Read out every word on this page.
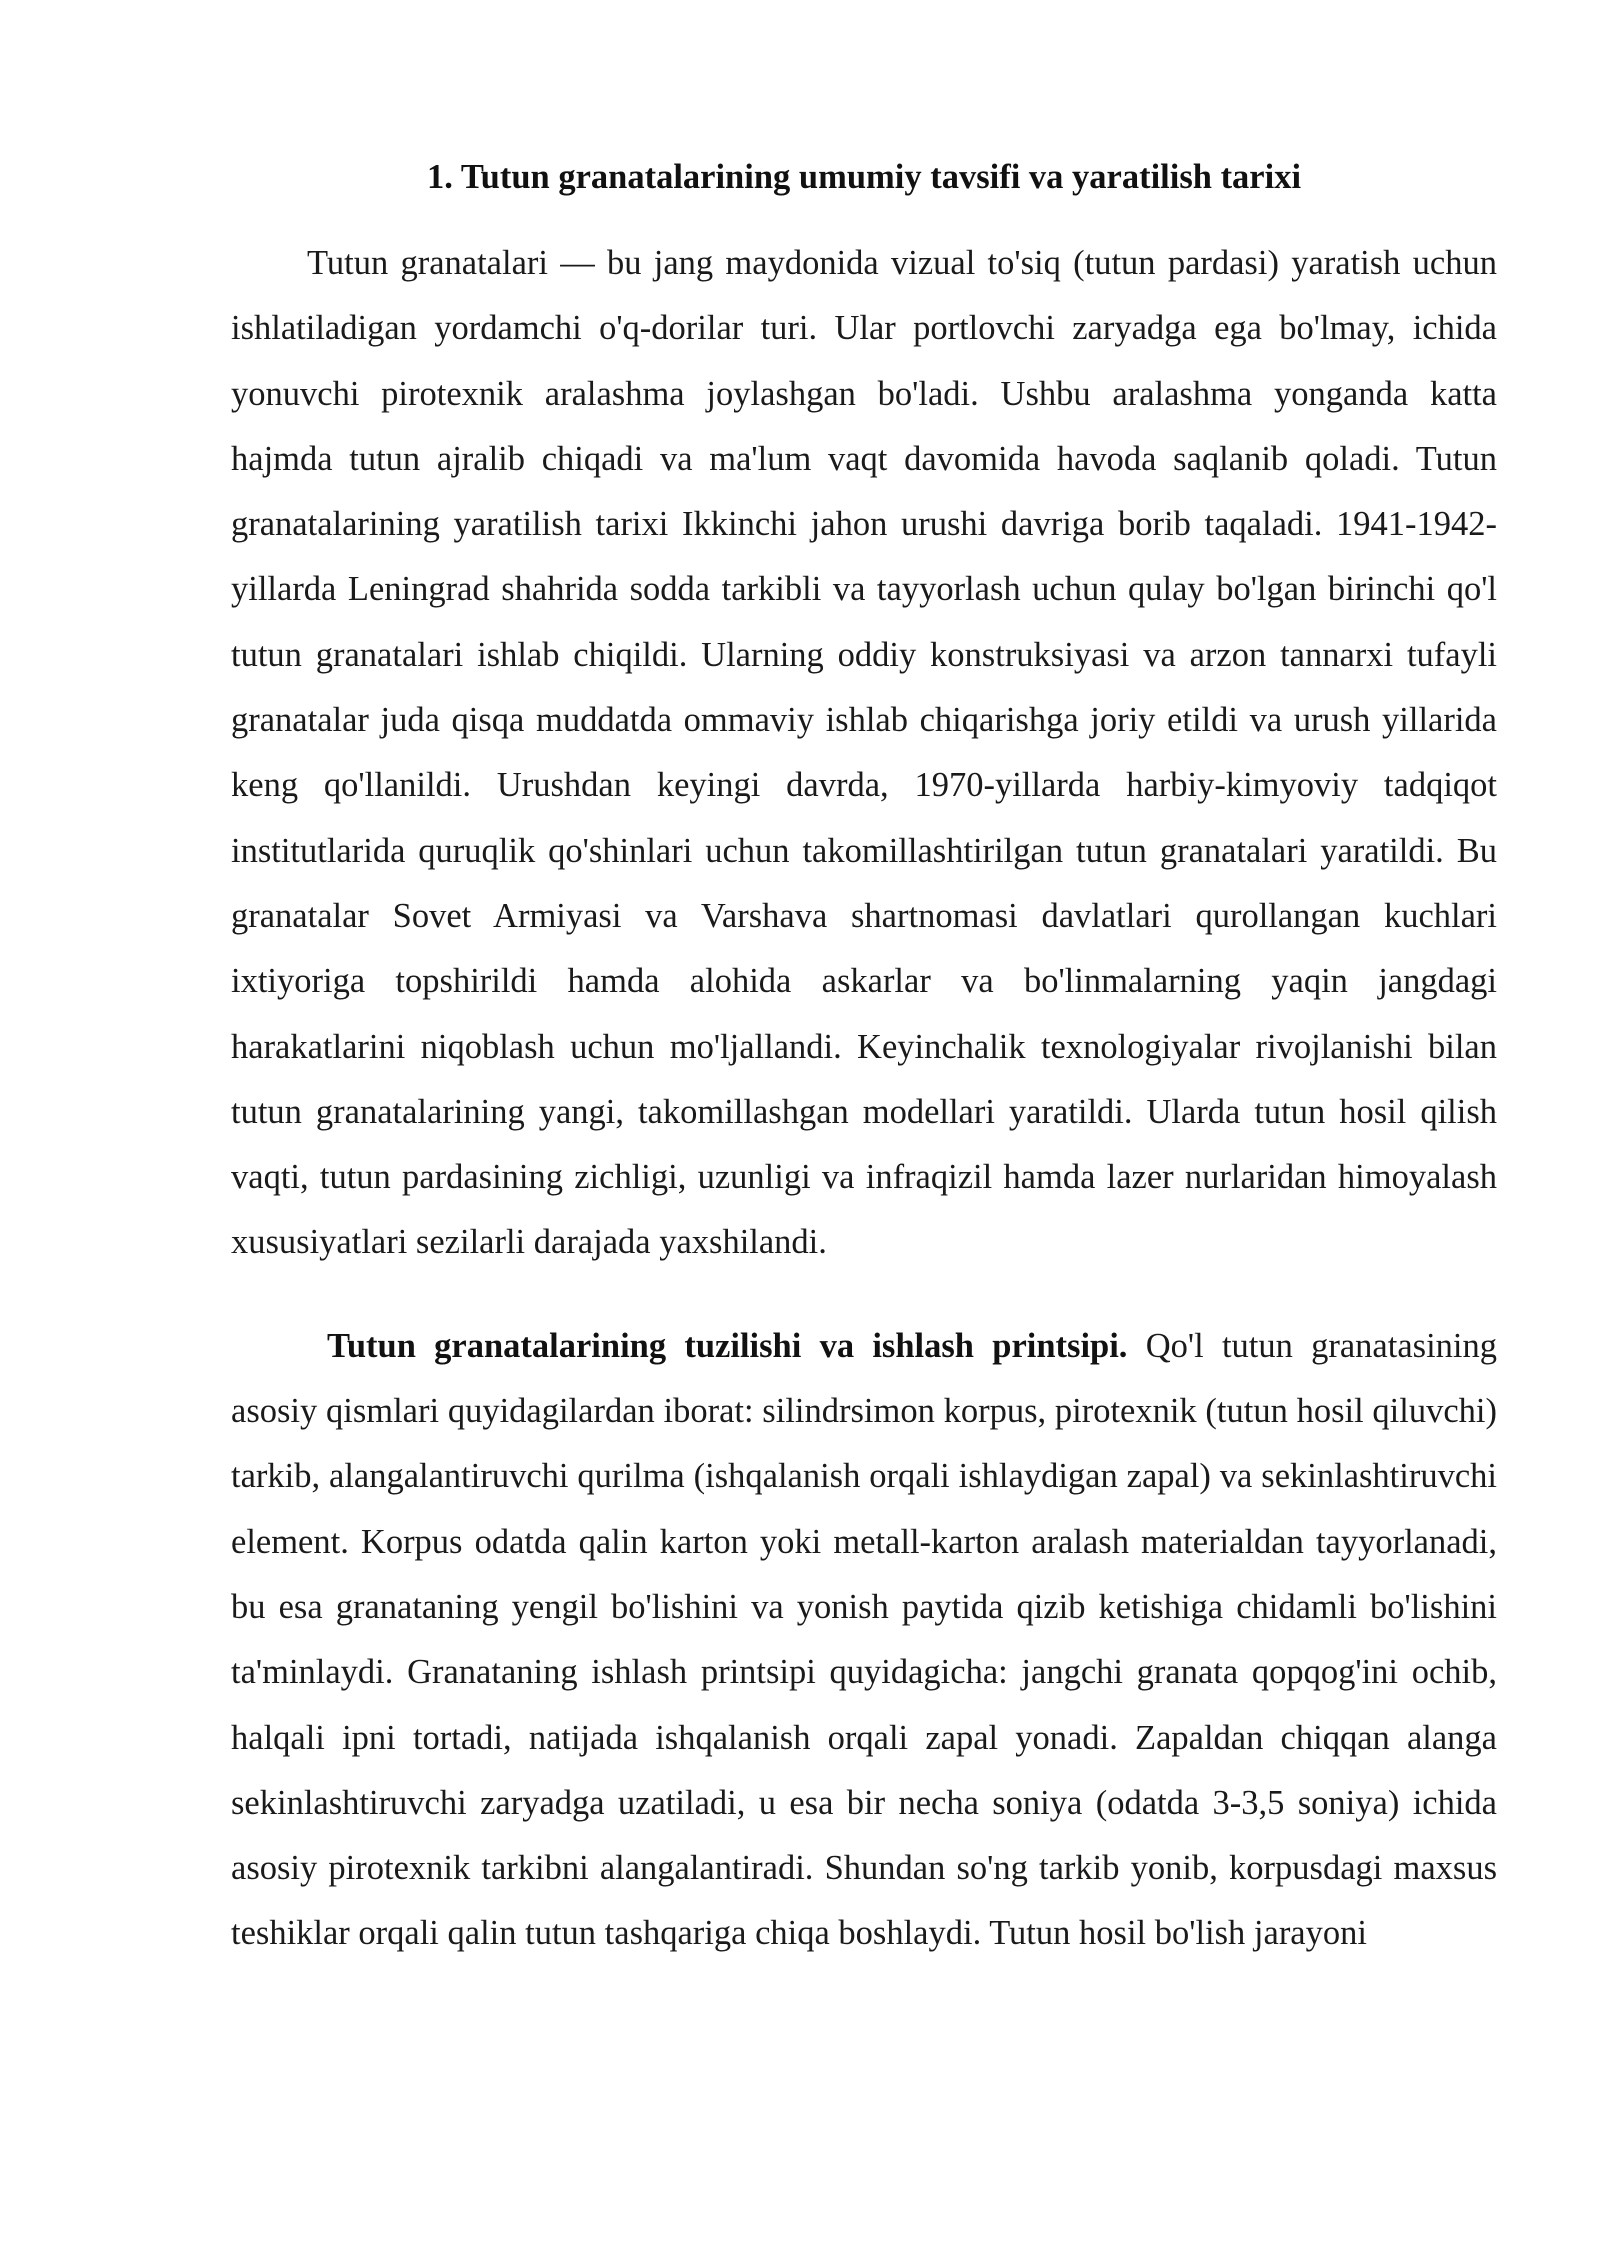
1. Tutun granatalarining umumiy tavsifi va yaratilish tarixi

Tutun granatalari — bu jang maydonida vizual to'siq (tutun pardasi) yaratish uchun ishlatiladigan yordamchi o'q-dorilar turi. Ular portlovchi zaryadga ega bo'lmay, ichida yonuvchi pirotexnik aralashma joylashgan bo'ladi. Ushbu aralashma yonganda katta hajmda tutun ajralib chiqadi va ma'lum vaqt davomida havoda saqlanib qoladi. Tutun granatalarining yaratilish tarixi Ikkinchi jahon urushi davriga borib taqaladi. 1941-1942-yillarda Leningrad shahrida sodda tarkibli va tayyorlash uchun qulay bo'lgan birinchi qo'l tutun granatalari ishlab chiqildi. Ularning oddiy konstruksiyasi va arzon tannarxi tufayli granatalar juda qisqa muddatda ommaviy ishlab chiqarishga joriy etildi va urush yillarida keng qo'llanildi. Urushdan keyingi davrda, 1970-yillarda harbiy-kimyoviy tadqiqot institutlarida quruqlik qo'shinlari uchun takomillashtirilgan tutun granatalari yaratildi. Bu granatalar Sovet Armiyasi va Varshava shartnomasi davlatlari qurollangan kuchlari ixtiyoriga topshirildi hamda alohida askarlar va bo'linmalarning yaqin jangdagi harakatlarini niqoblash uchun mo'ljallandi. Keyinchalik texnologiyalar rivojlanishi bilan tutun granatalarining yangi, takomillashgan modellari yaratildi. Ularda tutun hosil qilish vaqti, tutun pardasining zichligi, uzunligi va infraqizil hamda lazer nurlaridan himoyalash xususiyatlari sezilarli darajada yaxshilandi.

Tutun granatalarining tuzilishi va ishlash printsipi. Qo'l tutun granatasining asosiy qismlari quyidagilardan iborat: silindrsimon korpus, pirotexnik (tutun hosil qiluvchi) tarkib, alangalantiruvchi qurilma (ishqalanish orqali ishlaydigan zapal) va sekinlashtiruvchi element. Korpus odatda qalin karton yoki metall-karton aralash materialdan tayyorlanadi, bu esa granataning yengil bo'lishini va yonish paytida qizib ketishiga chidamli bo'lishini ta'minlaydi. Granataning ishlash printsipi quyidagicha: jangchi granata qopqog'ini ochib, halqali ipni tortadi, natijada ishqalanish orqali zapal yonadi. Zapaldan chiqqan alanga sekinlashtiruvchi zaryadga uzatiladi, u esa bir necha soniya (odatda 3-3,5 soniya) ichida asosiy pirotexnik tarkibni alangalantiradi. Shundan so'ng tarkib yonib, korpusdagi maxsus teshiklar orqali qalin tutun tashqariga chiqa boshlaydi. Tutun hosil bo'lish jarayoni
